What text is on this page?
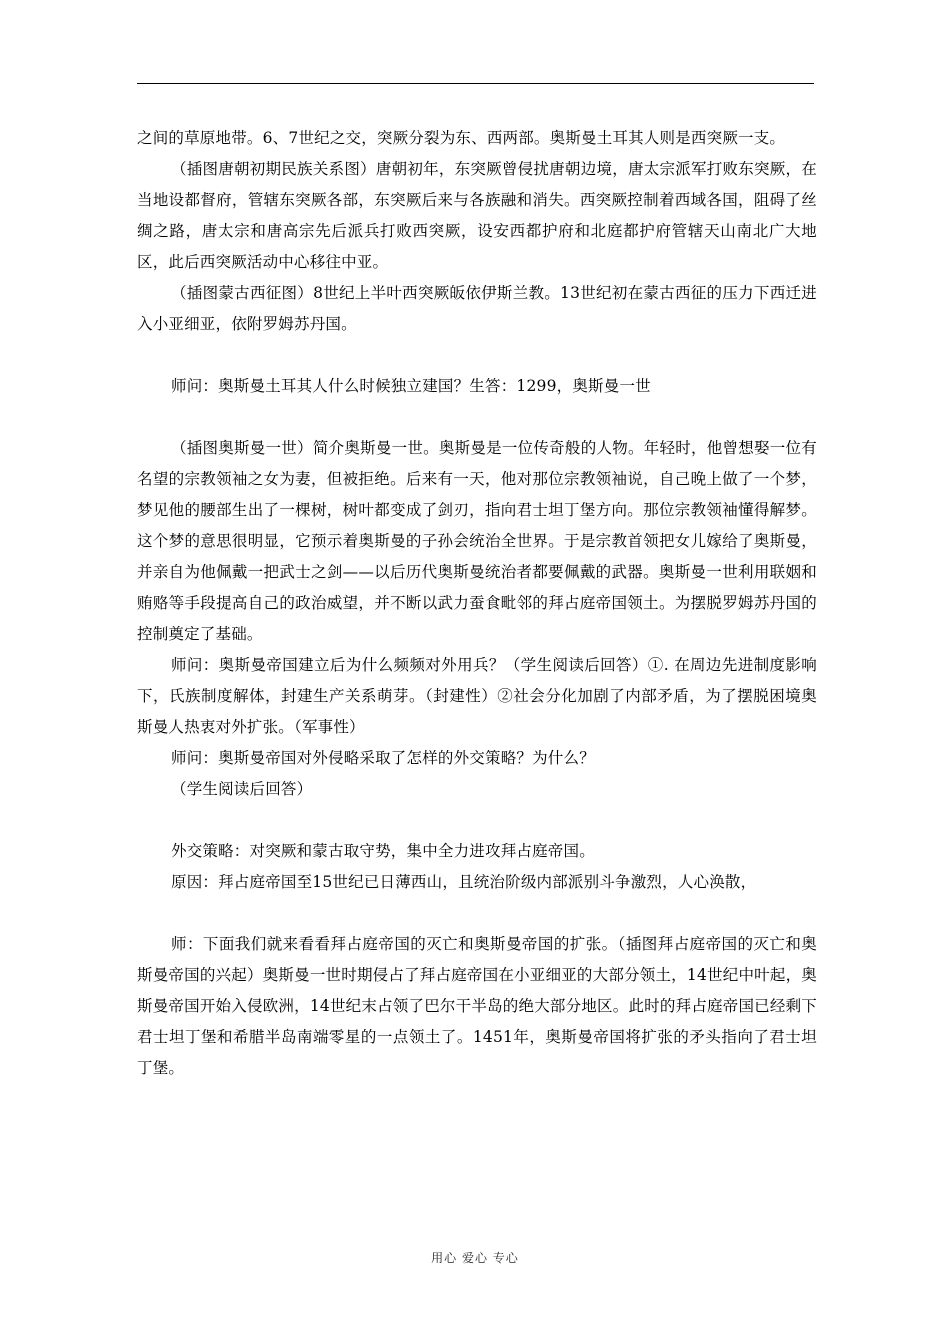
之间的草原地带。6、7世纪之交，突厥分裂为东、西两部。奥斯曼土耳其人则是西突厥一支。

（插图唐朝初期民族关系图）唐朝初年，东突厥曾侵扰唐朝边境，唐太宗派军打败东突厥，在当地设都督府，管辖东突厥各部，东突厥后来与各族融和消失。西突厥控制着西域各国，阻碍了丝绸之路，唐太宗和唐高宗先后派兵打败西突厥，设安西都护府和北庭都护府管辖天山南北广大地区，此后西突厥活动中心移往中亚。

（插图蒙古西征图）8世纪上半叶西突厥皈依伊斯兰教。13世纪初在蒙古西征的压力下西迁进入小亚细亚，依附罗姆苏丹国。

师问：奥斯曼土耳其人什么时候独立建国？生答：1299，奥斯曼一世

（插图奥斯曼一世）简介奥斯曼一世。奥斯曼是一位传奇般的人物。年轻时，他曾想娶一位有名望的宗教领袖之女为妻，但被拒绝。后来有一天，他对那位宗教领袖说，自己晚上做了一个梦，梦见他的腰部生出了一棵树，树叶都变成了剑刃，指向君士坦丁堡方向。那位宗教领袖懂得解梦。这个梦的意思很明显，它预示着奥斯曼的子孙会统治全世界。于是宗教首领把女儿嫁给了奥斯曼，并亲自为他佩戴一把武士之剑——以后历代奥斯曼统治者都要佩戴的武器。奥斯曼一世利用联姻和贿赂等手段提高自己的政治威望，并不断以武力蚕食毗邻的拜占庭帝国领土。为摆脱罗姆苏丹国的控制奠定了基础。

师问：奥斯曼帝国建立后为什么频频对外用兵？（学生阅读后回答）①. 在周边先进制度影响下，氏族制度解体，封建生产关系萌芽。（封建性）②社会分化加剧了内部矛盾，为了摆脱困境奥斯曼人热衷对外扩张。（军事性）

师问：奥斯曼帝国对外侵略采取了怎样的外交策略？为什么？

（学生阅读后回答）

外交策略：对突厥和蒙古取守势，集中全力进攻拜占庭帝国。

原因：拜占庭帝国至15世纪已日薄西山，且统治阶级内部派别斗争激烈，人心涣散，

师：下面我们就来看看拜占庭帝国的灭亡和奥斯曼帝国的扩张。（插图拜占庭帝国的灭亡和奥斯曼帝国的兴起）奥斯曼一世时期侵占了拜占庭帝国在小亚细亚的大部分领土，14世纪中叶起，奥斯曼帝国开始入侵欧洲，14世纪末占领了巴尔干半岛的绝大部分地区。此时的拜占庭帝国已经剩下君士坦丁堡和希腊半岛南端零星的一点领土了。1451年，奥斯曼帝国将扩张的矛头指向了君士坦丁堡。

用心 爱心 专心
